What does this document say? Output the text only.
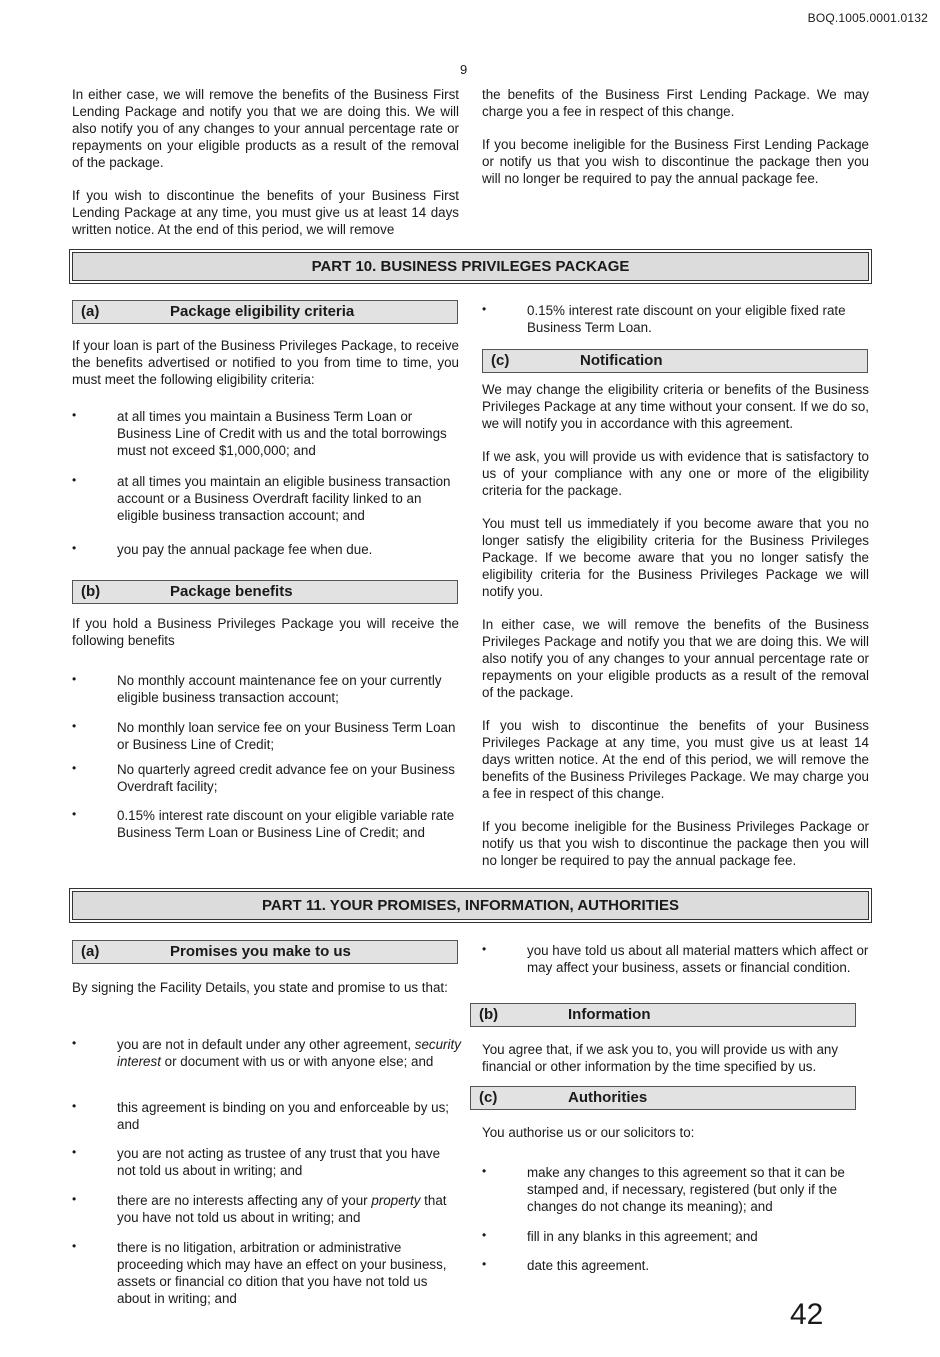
BOQ.1005.0001.0132
9

In either case, we will remove the benefits of the Business First Lending Package and notify you that we are doing this. We will also notify you of any changes to your annual percentage rate or repayments on your eligible products as a result of the removal of the package.

If you wish to discontinue the benefits of your Business First Lending Package at any time, you must give us at least 14 days written notice. At the end of this period, we will remove

the benefits of the Business First Lending Package. We may charge you a fee in respect of this change.

If you become ineligible for the Business First Lending Package or notify us that you wish to discontinue the package then you will no longer be required to pay the annual package fee.

PART 10. BUSINESS PRIVILEGES PACKAGE
(a)	Package eligibility criteria

If your loan is part of the Business Privileges Package, to receive the benefits advertised or notified to you from time to time, you must meet the following eligibility criteria:

•	at all times you maintain a Business Term Loan or Business Line of Credit with us and the total borrowings must not exceed $1,000,000; and
•	at all times you maintain an eligible business transaction account or a Business Overdraft facility linked to an eligible business transaction account; and
•	you pay the annual package fee when due.
(b)	Package benefits

If you hold a Business Privileges Package you will receive the following benefits

•	No monthly account maintenance fee on your currently eligible business transaction account;
•	No monthly loan service fee on your Business Term Loan or Business Line of Credit;
•	No quarterly agreed credit advance fee on your Business Overdraft facility;
•	0.15% interest rate discount on your eligible variable rate Business Term Loan or Business Line of Credit; and
•	0.15% interest rate discount on your eligible fixed rate Business Term Loan.
(c)	Notification

We may change the eligibility criteria or benefits of the Business Privileges Package at any time without your consent. If we do so, we will notify you in accordance with this agreement.

If we ask, you will provide us with evidence that is satisfactory to us of your compliance with any one or more of the eligibility criteria for the package.

You must tell us immediately if you become aware that you no longer satisfy the eligibility criteria for the Business Privileges Package. If we become aware that you no longer satisfy the eligibility criteria for the Business Privileges Package we will notify you.

In either case, we will remove the benefits of the Business Privileges Package and notify you that we are doing this. We will also notify you of any changes to your annual percentage rate or repayments on your eligible products as a result of the removal of the package.

If you wish to discontinue the benefits of your Business Privileges Package at any time, you must give us at least 14 days written notice. At the end of this period, we will remove the benefits of the Business Privileges Package. We may charge you a fee in respect of this change.

If you become ineligible for the Business Privileges Package or notify us that you wish to discontinue the package then you will no longer be required to pay the annual package fee.

PART 11. YOUR PROMISES, INFORMATION, AUTHORITIES
(a)	Promises you make to us

By signing the Facility Details, you state and promise to us that:

•	you are not in default under any other agreement, security interest or document with us or with anyone else; and
•	this agreement is binding on you and enforceable by us; and
•	you are not acting as trustee of any trust that you have not told us about in writing; and
•	there are no interests affecting any of your property that you have not told us about in writing; and
•	there is no litigation, arbitration or administrative proceeding which may have an effect on your business, assets or financial co dition that you have not told us about in writing; and
•	you have told us about all material matters which affect or may affect your business, assets or financial condition.
(b)	Information

You agree that, if we ask you to, you will provide us with any financial or other information by the time specified by us.

(c)	Authorities

You authorise us or our solicitors to:

•	make any changes to this agreement so that it can be stamped and, if necessary, registered (but only if the changes do not change its meaning); and
•	fill in any blanks in this agreement; and
•	date this agreement.
42
